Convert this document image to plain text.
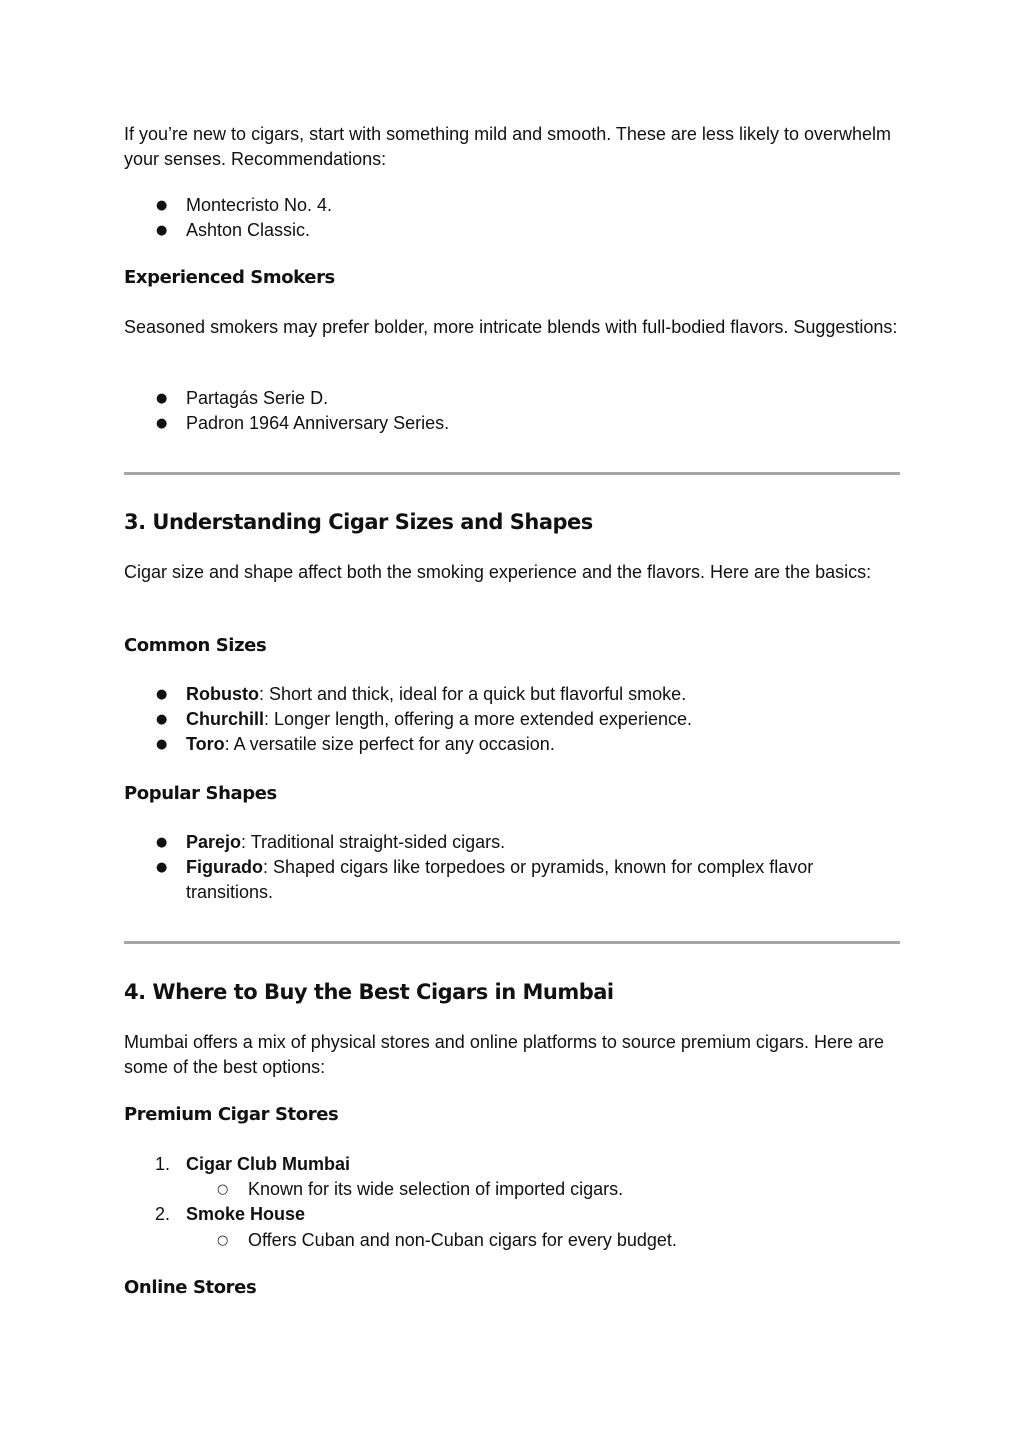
If you’re new to cigars, start with something mild and smooth. These are less likely to overwhelm your senses. Recommendations:

● Montecristo No. 4.

● Ashton Classic.

Experienced Smokers

Seasoned smokers may prefer bolder, more intricate blends with full-bodied flavors. Suggestions:

● Partagás Serie D.

● Padron 1964 Anniversary Series.

3. Understanding Cigar Sizes and Shapes

Cigar size and shape affect both the smoking experience and the flavors. Here are the basics:

Common Sizes
● Robusto: Short and thick, ideal for a quick but flavorful smoke.

● Churchill: Longer length, offering a more extended experience.

● Toro: A versatile size perfect for any occasion.

Popular Shapes
● Parejo: Traditional straight-sided cigars.

● Figurado: Shaped cigars like torpedoes or pyramids, known for complex flavor transitions.

4. Where to Buy the Best Cigars in Mumbai

Mumbai offers a mix of physical stores and online platforms to source premium cigars. Here are some of the best options:

Premium Cigar Stores
1. Cigar Club Mumbai

○ Known for its wide selection of imported cigars.

2. Smoke House

○ Offers Cuban and non-Cuban cigars for every budget.

Online Stores
